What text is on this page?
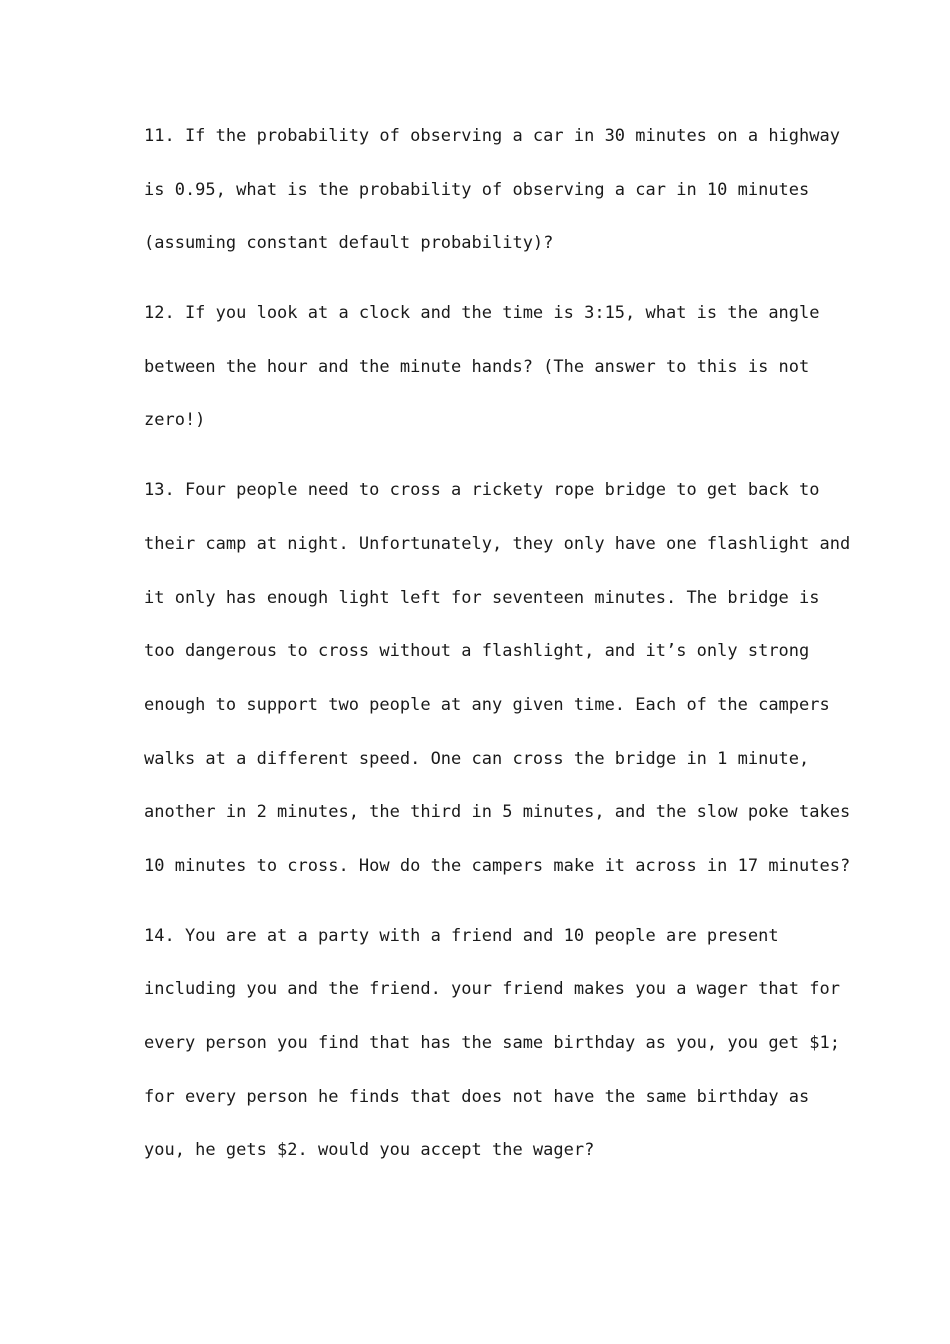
11. If the probability of observing a car in 30 minutes on a highway
is 0.95, what is the probability of observing a car in 10 minutes
(assuming constant default probability)?
12. If you look at a clock and the time is 3:15, what is the angle
between the hour and the minute hands? (The answer to this is not
zero!)
13. Four people need to cross a rickety rope bridge to get back to
their camp at night. Unfortunately, they only have one flashlight and
it only has enough light left for seventeen minutes. The bridge is
too dangerous to cross without a flashlight, and it’s only strong
enough to support two people at any given time. Each of the campers
walks at a different speed. One can cross the bridge in 1 minute,
another in 2 minutes, the third in 5 minutes, and the slow poke takes
10 minutes to cross. How do the campers make it across in 17 minutes?
14. You are at a party with a friend and 10 people are present
including you and the friend. your friend makes you a wager that for
every person you find that has the same birthday as you, you get $1;
for every person he finds that does not have the same birthday as
you, he gets $2. would you accept the wager?
